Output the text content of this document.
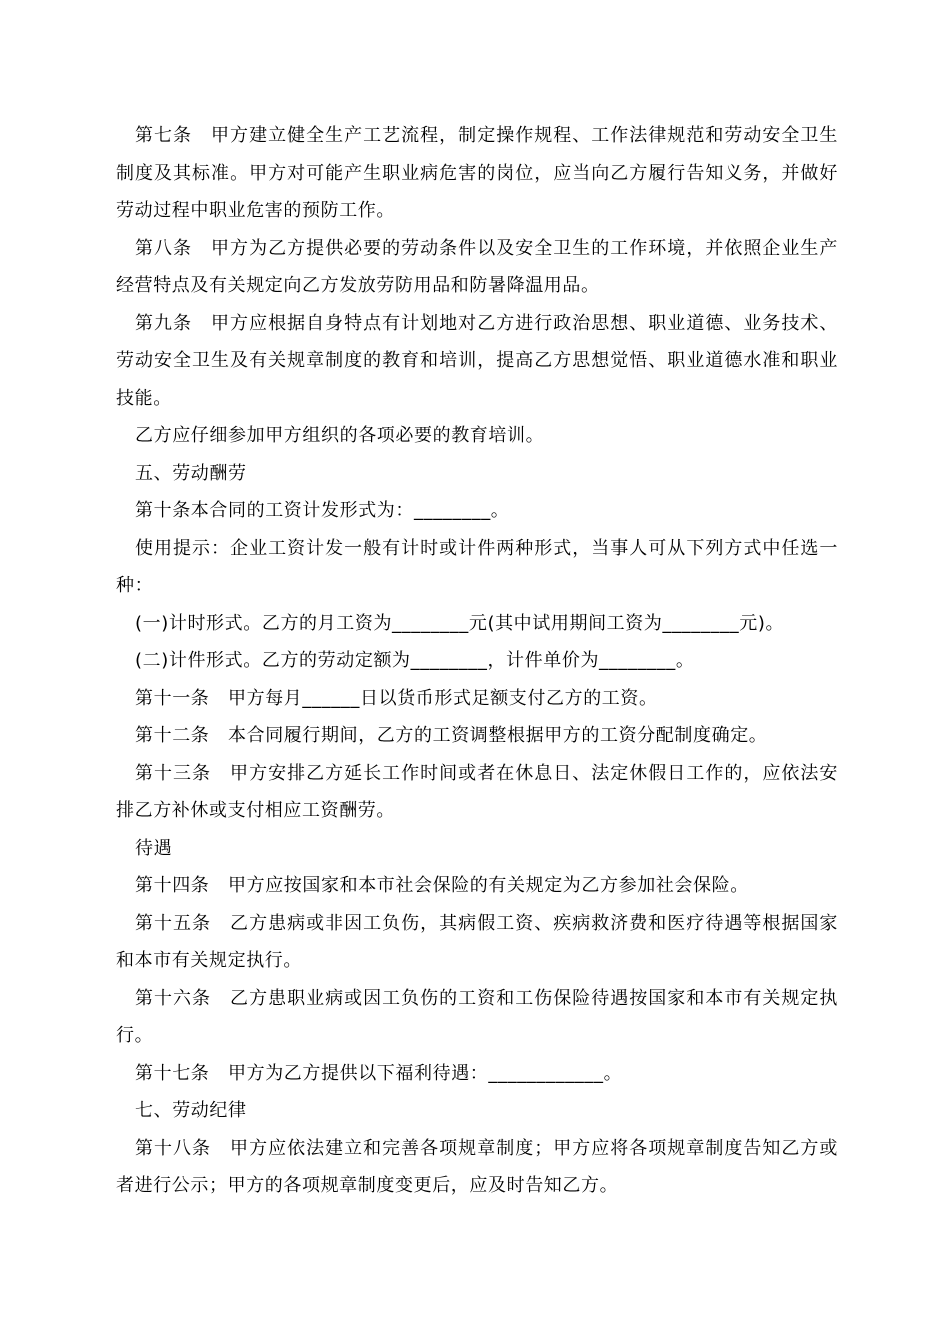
第七条　甲方建立健全生产工艺流程，制定操作规程、工作法律规范和劳动安全卫生制度及其标准。甲方对可能产生职业病危害的岗位，应当向乙方履行告知义务，并做好劳动过程中职业危害的预防工作。

第八条　甲方为乙方提供必要的劳动条件以及安全卫生的工作环境，并依照企业生产经营特点及有关规定向乙方发放劳防用品和防暑降温用品。

第九条　甲方应根据自身特点有计划地对乙方进行政治思想、职业道德、业务技术、劳动安全卫生及有关规章制度的教育和培训，提高乙方思想觉悟、职业道德水准和职业技能。

乙方应仔细参加甲方组织的各项必要的教育培训。

五、劳动酬劳

第十条本合同的工资计发形式为：________。

使用提示：企业工资计发一般有计时或计件两种形式，当事人可从下列方式中任选一种：

(一)计时形式。乙方的月工资为________元(其中试用期间工资为________元)。

(二)计件形式。乙方的劳动定额为________，计件单价为________。

第十一条　甲方每月______日以货币形式足额支付乙方的工资。

第十二条　本合同履行期间，乙方的工资调整根据甲方的工资分配制度确定。

第十三条　甲方安排乙方延长工作时间或者在休息日、法定休假日工作的，应依法安排乙方补休或支付相应工资酬劳。

待遇

第十四条　甲方应按国家和本市社会保险的有关规定为乙方参加社会保险。

第十五条　乙方患病或非因工负伤，其病假工资、疾病救济费和医疗待遇等根据国家和本市有关规定执行。

第十六条　乙方患职业病或因工负伤的工资和工伤保险待遇按国家和本市有关规定执行。

第十七条　甲方为乙方提供以下福利待遇：____________。

七、劳动纪律

第十八条　甲方应依法建立和完善各项规章制度；甲方应将各项规章制度告知乙方或者进行公示；甲方的各项规章制度变更后，应及时告知乙方。
